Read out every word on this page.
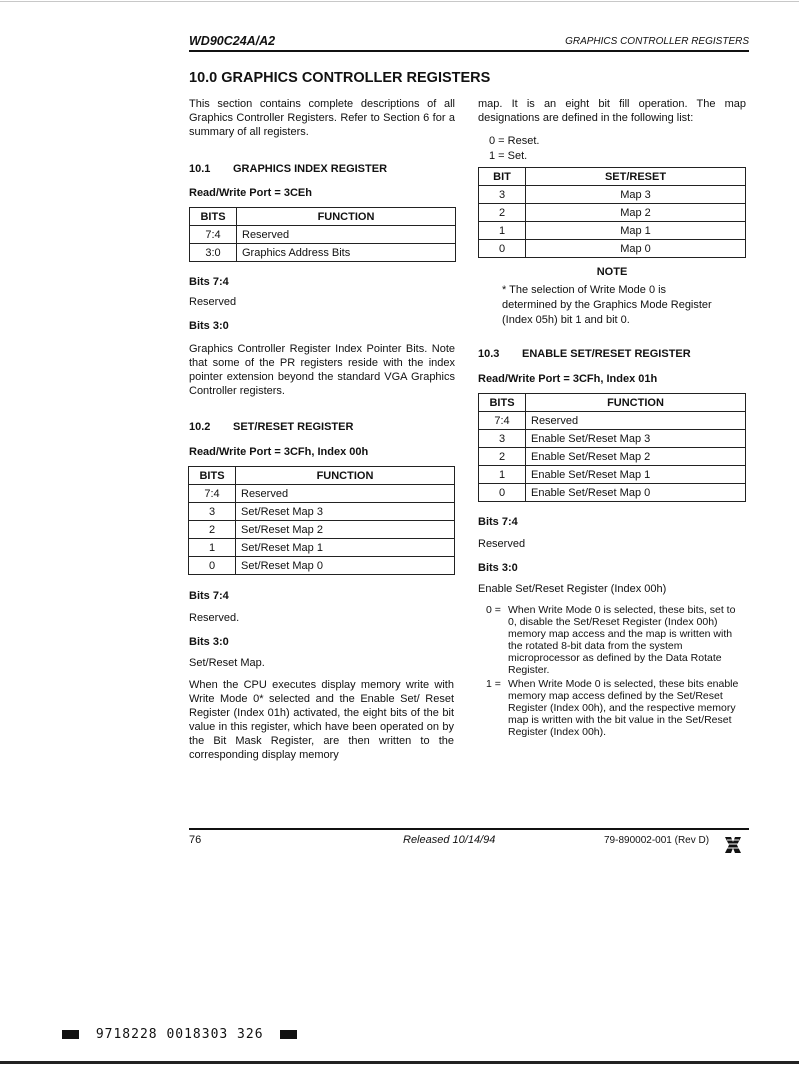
WD90C24A/A2	GRAPHICS CONTROLLER REGISTERS
10.0 GRAPHICS CONTROLLER REGISTERS
This section contains complete descriptions of all Graphics Controller Registers. Refer to Section 6 for a summary of all registers.
10.1 GRAPHICS INDEX REGISTER
Read/Write Port = 3CEh
BITS	FUNCTION
7:4	Reserved
3:0	Graphics Address Bits
Bits 7:4
Reserved
Bits 3:0
Graphics Controller Register Index Pointer Bits. Note that some of the PR registers reside with the index pointer extension beyond the standard VGA Graphics Controller registers.
10.2 SET/RESET REGISTER
Read/Write Port = 3CFh, Index 00h
BITS	FUNCTION
7:4	Reserved
3	Set/Reset Map 3
2	Set/Reset Map 2
1	Set/Reset Map 1
0	Set/Reset Map 0
Bits 7:4
Reserved.
Bits 3:0
Set/Reset Map.
When the CPU executes display memory write with Write Mode 0* selected and the Enable Set/ Reset Register (Index 01h) activated, the eight bits of the bit value in this register, which have been operated on by the Bit Mask Register, are then written to the corresponding display memory
map. It is an eight bit fill operation. The map designations are defined in the following list:
0 = Reset.
1 = Set.
BIT	SET/RESET
3	Map 3
2	Map 2
1	Map 1
0	Map 0
NOTE
* The selection of Write Mode 0 is determined by the Graphics Mode Register (Index 05h) bit 1 and bit 0.
10.3 ENABLE SET/RESET REGISTER
Read/Write Port = 3CFh, Index 01h
BITS	FUNCTION
7:4	Reserved
3	Enable Set/Reset Map 3
2	Enable Set/Reset Map 2
1	Enable Set/Reset Map 1
0	Enable Set/Reset Map 0
Bits 7:4
Reserved
Bits 3:0
Enable Set/Reset Register (Index 00h)
0 = When Write Mode 0 is selected, these bits, set to 0, disable the Set/Reset Register (Index 00h) memory map access and the map is written with the rotated 8-bit data from the system microprocessor as defined by the Data Rotate Register.
1 = When Write Mode 0 is selected, these bits enable memory map access defined by the Set/Reset Register (Index 00h), and the respective memory map is written with the bit value in the Set/Reset Register (Index 00h).
76	Released 10/14/94	79-890002-001 (Rev D)
9718228 0018303 326
